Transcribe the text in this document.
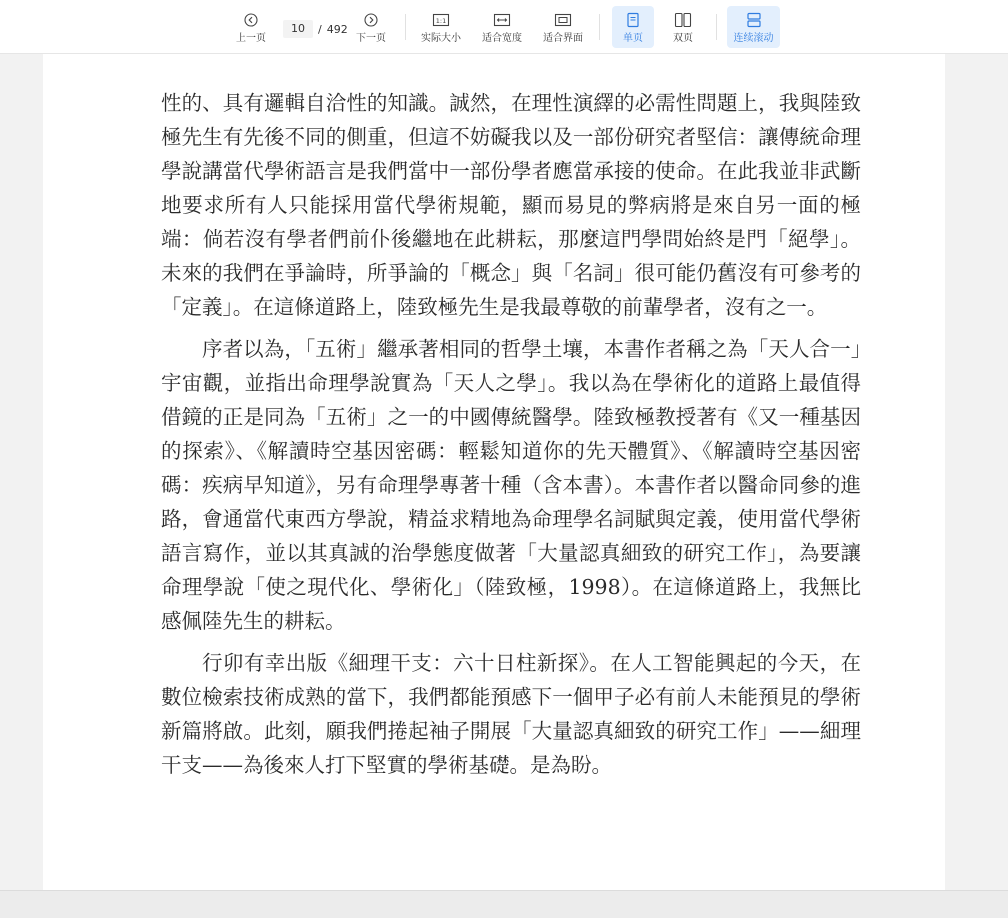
上一页
10	/ 492
下一页
1:1
实际大小 适合宽度 适合界面	单页	双页	连续滚动

性的、具有邏輯自洽性的知識。誠然，在理性演繹的必需性問題上，我與陸致極先生有先後不同的側重，但這不妨礙我以及一部份研究者堅信：讓傳統命理學說講當代學術語言是我們當中一部份學者應當承接的使命。在此我並非武斷地要求所有人只能採用當代學術規範，顯而易見的弊病將是來自另一面的極端：倘若沒有學者們前仆後繼地在此耕耘，那麼這門學問始終是門「絕學」。未來的我們在爭論時，所爭論的「概念」與「名詞」很可能仍舊沒有可參考的「定義」。在這條道路上，陸致極先生是我最尊敬的前輩學者，沒有之一。

序者以為，「五術」繼承著相同的哲學土壤，本書作者稱之為「天人合一」宇宙觀，並指出命理學說實為「天人之學」。我以為在學術化的道路上最值得借鏡的正是同為「五術」之一的中國傳統醫學。陸致極教授著有《又一種基因的探索》、《解讀時空基因密碼：輕鬆知道你的先天體質》、《解讀時空基因密碼：疾病早知道》，另有命理學專著十種（含本書）。本書作者以醫命同參的進路，會通當代東西方學說，精益求精地為命理學名詞賦與定義，使用當代學術語言寫作，並以其真誠的治學態度做著「大量認真細致的研究工作」，為要讓命理學說「使之現代化、學術化」（陸致極，1998）。在這條道路上，我無比感佩陸先生的耕耘。

行卯有幸出版《細理干支：六十日柱新探》。在人工智能興起的今天，在數位檢索技術成熟的當下，我們都能預感下一個甲子必有前人未能預見的學術新篇將啟。此刻，願我們捲起袖子開展「大量認真細致的研究工作」——細理干支——為後來人打下堅實的學術基礎。是為盼。
